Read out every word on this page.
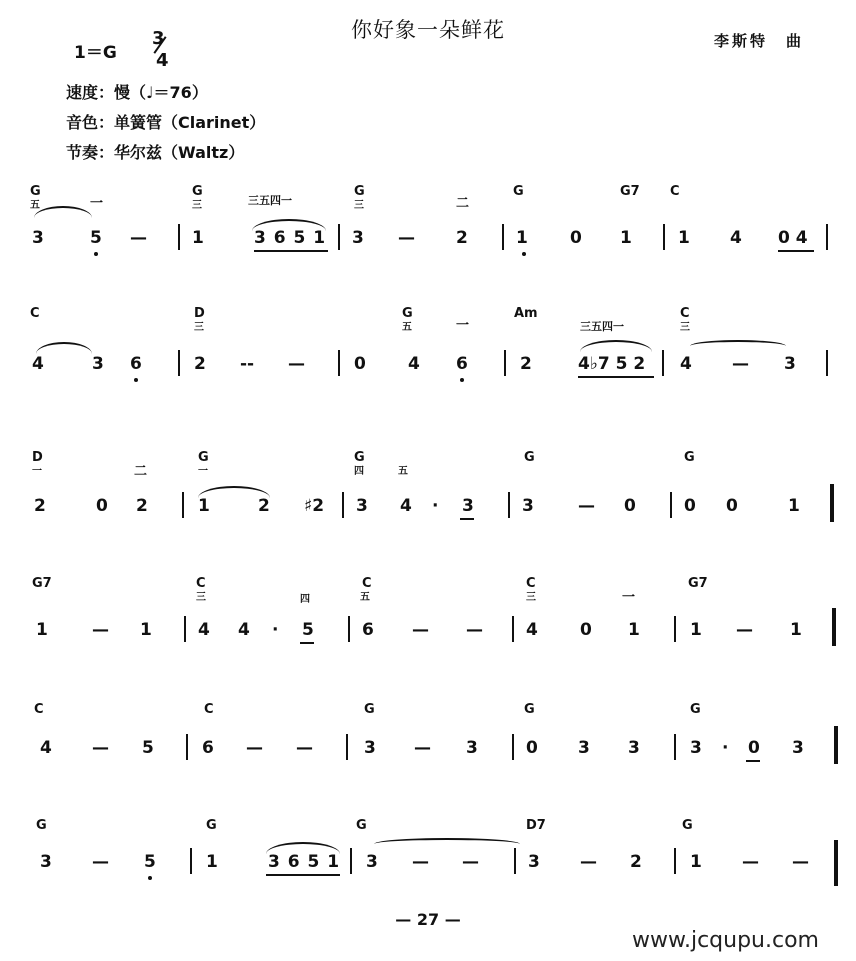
你好象一朵鲜花	李斯特　曲
1＝G
3
4
速度：慢（♩＝76）
音色：单簧管（Clarinet）
节奏：华尔兹（Waltz）
G
五	一
G
三	三五四一
G
三	二
G	G7 C
3	5 —	1	3 6 5 1 3 — 2	1 0 1	1 4 0 4
C	D
三
G
五	一
Am
三五四一
C
三
4	3 6	2 -- —	0 4 6	2	4♭7 5 2 4 — 3
D
一	二
G
一
G
四	五
G	G
2	0 2	1	2 ♯2 3 4 · 3	3	— 0	0 0	1
G7	C
三	四
C
五
C
三	一
G7
1	— 1	4 4 · 5	6 — —	4 0 1	1 — 1
C	C	G	G	G
4 — 5	6 — —	3 — 3	0 3 3	3 · 0 3
G	G	G	D7	G
3 — 5	1	3 6 5 1 3 — —	3 — 2	1 — —
— 27 —
www.jcqupu.com
